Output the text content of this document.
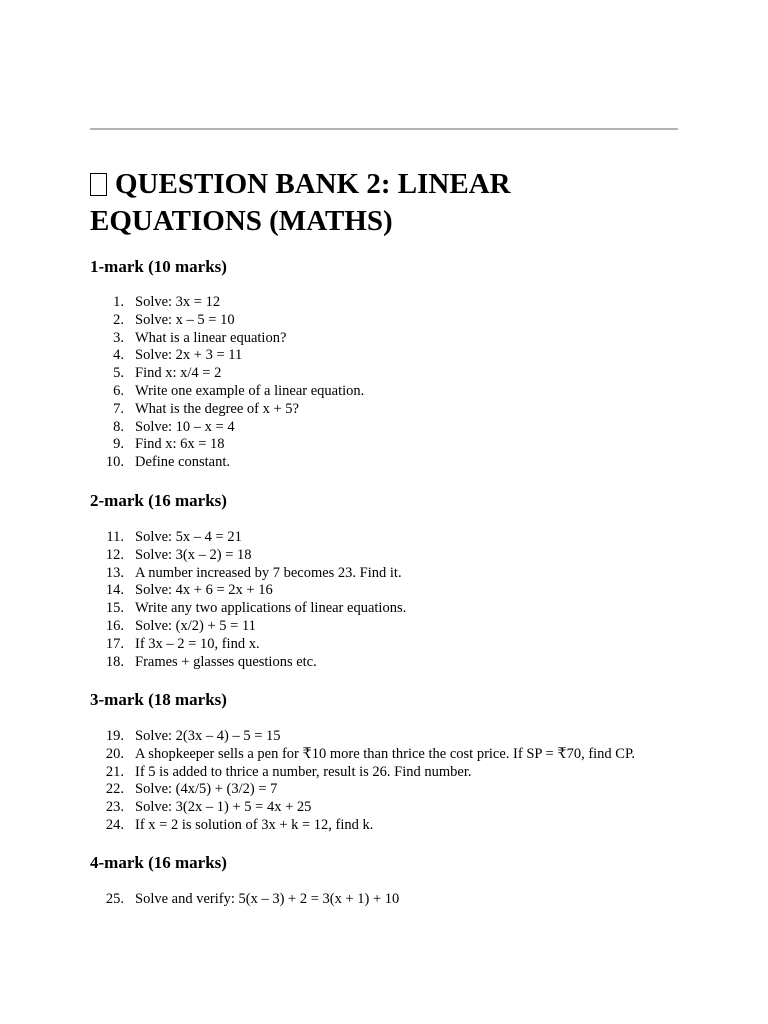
QUESTION BANK 2: LINEAR EQUATIONS (MATHS)
1-mark (10 marks)
1. Solve: 3x = 12
2. Solve: x – 5 = 10
3. What is a linear equation?
4. Solve: 2x + 3 = 11
5. Find x: x/4 = 2
6. Write one example of a linear equation.
7. What is the degree of x + 5?
8. Solve: 10 – x = 4
9. Find x: 6x = 18
10. Define constant.
2-mark (16 marks)
11. Solve: 5x – 4 = 21
12. Solve: 3(x – 2) = 18
13. A number increased by 7 becomes 23. Find it.
14. Solve: 4x + 6 = 2x + 16
15. Write any two applications of linear equations.
16. Solve: (x/2) + 5 = 11
17. If 3x – 2 = 10, find x.
18. Frames + glasses questions etc.
3-mark (18 marks)
19. Solve: 2(3x – 4) – 5 = 15
20. A shopkeeper sells a pen for ₹10 more than thrice the cost price. If SP = ₹70, find CP.
21. If 5 is added to thrice a number, result is 26. Find number.
22. Solve: (4x/5) + (3/2) = 7
23. Solve: 3(2x – 1) + 5 = 4x + 25
24. If x = 2 is solution of 3x + k = 12, find k.
4-mark (16 marks)
25. Solve and verify: 5(x – 3) + 2 = 3(x + 1) + 10
